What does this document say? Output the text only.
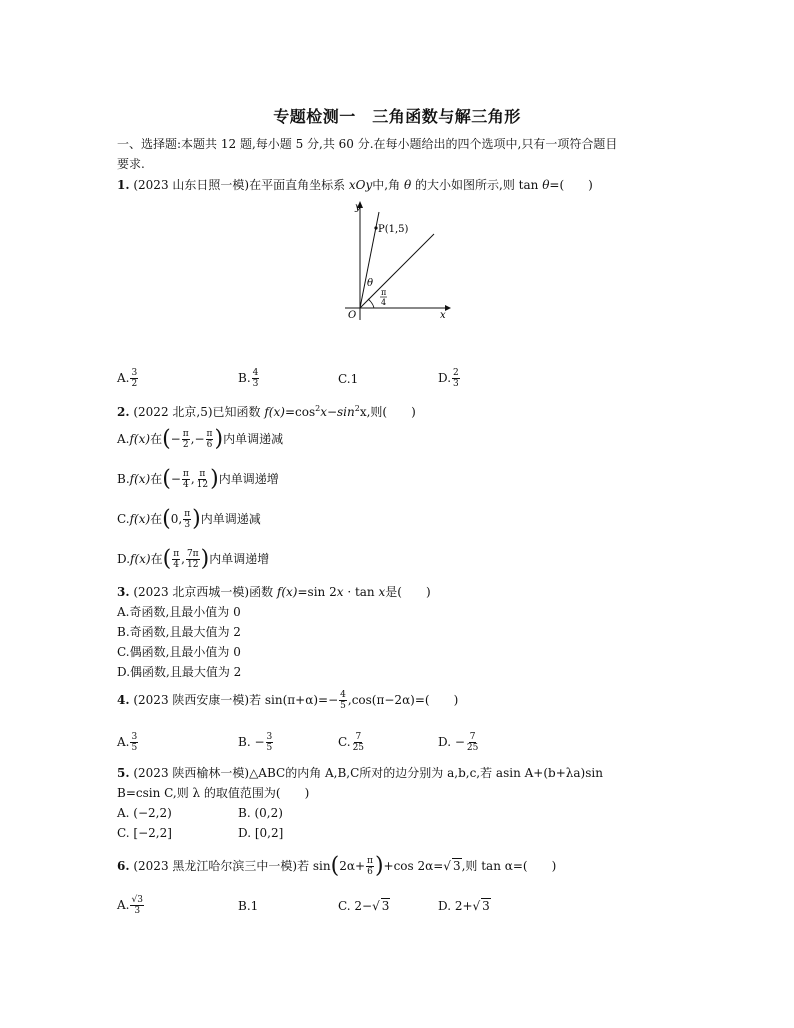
专题检测一　三角函数与解三角形
一、选择题:本题共 12 题,每小题 5 分,共 60 分.在每小题给出的四个选项中,只有一项符合题目
要求.
1. (2023 山东日照一模)在平面直角坐标系 xOy中,角 θ 的大小如图所示,则 tan θ=(　　)
y
x
O
P(1,5)
θ
π
4
A. $\frac{3}{2}$	B. $\frac{4}{3}$	C.1	D. $\frac{2}{3}$
2. (2022 北京,5)已知函数 $f(x)=\cos^2x-\sin^2x$,则(　　)
A.f(x)在(− $\frac{\pi}{2}$ ,− $\frac{\pi}{6}$ )内单调递减
B.f(x)在(− $\frac{\pi}{4}$ , $\frac{\pi}{12}$ )内单调递增
C.f(x)在(0, $\frac{\pi}{3}$ )内单调递减
D.f(x)在( $\frac{\pi}{4}$ , $\frac{7\pi}{12}$ )内单调递增
3. (2023 北京西城一模)函数 f(x)=sin 2x · tan x是(　　)
A.奇函数,且最小值为 0
B.奇函数,且最大值为 2
C.偶函数,且最小值为 0
D.偶函数,且最大值为 2
4. (2023 陕西安康一模)若 $\sin(\pi+\alpha)=- \frac{4}{5} ,\cos(\pi-2\alpha)=$(　　)
A. $\frac{3}{5}$	B. − $\frac{3}{5}$	C. $\frac{7}{25}$	D. − $\frac{7}{25}$
5. (2023 陕西榆林一模)△ABC的内角 A,B,C所对的边分别为 a,b,c,若 asin A+(b+λa)sin
B=csin C,则 λ 的取值范围为(　　)
A. (−2,2)	B. (0,2)
C. [−2,2]	D. [0,2]
6. (2023 黑龙江哈尔滨三中一模)若 $\sin(2\alpha+ \frac{\pi}{6} )+\cos$ 2α=√ 3,则 tan α=(　　)
A. $\frac{√3}{3}$	B.1	C. 2−√ 3	D. 2+√ 3
